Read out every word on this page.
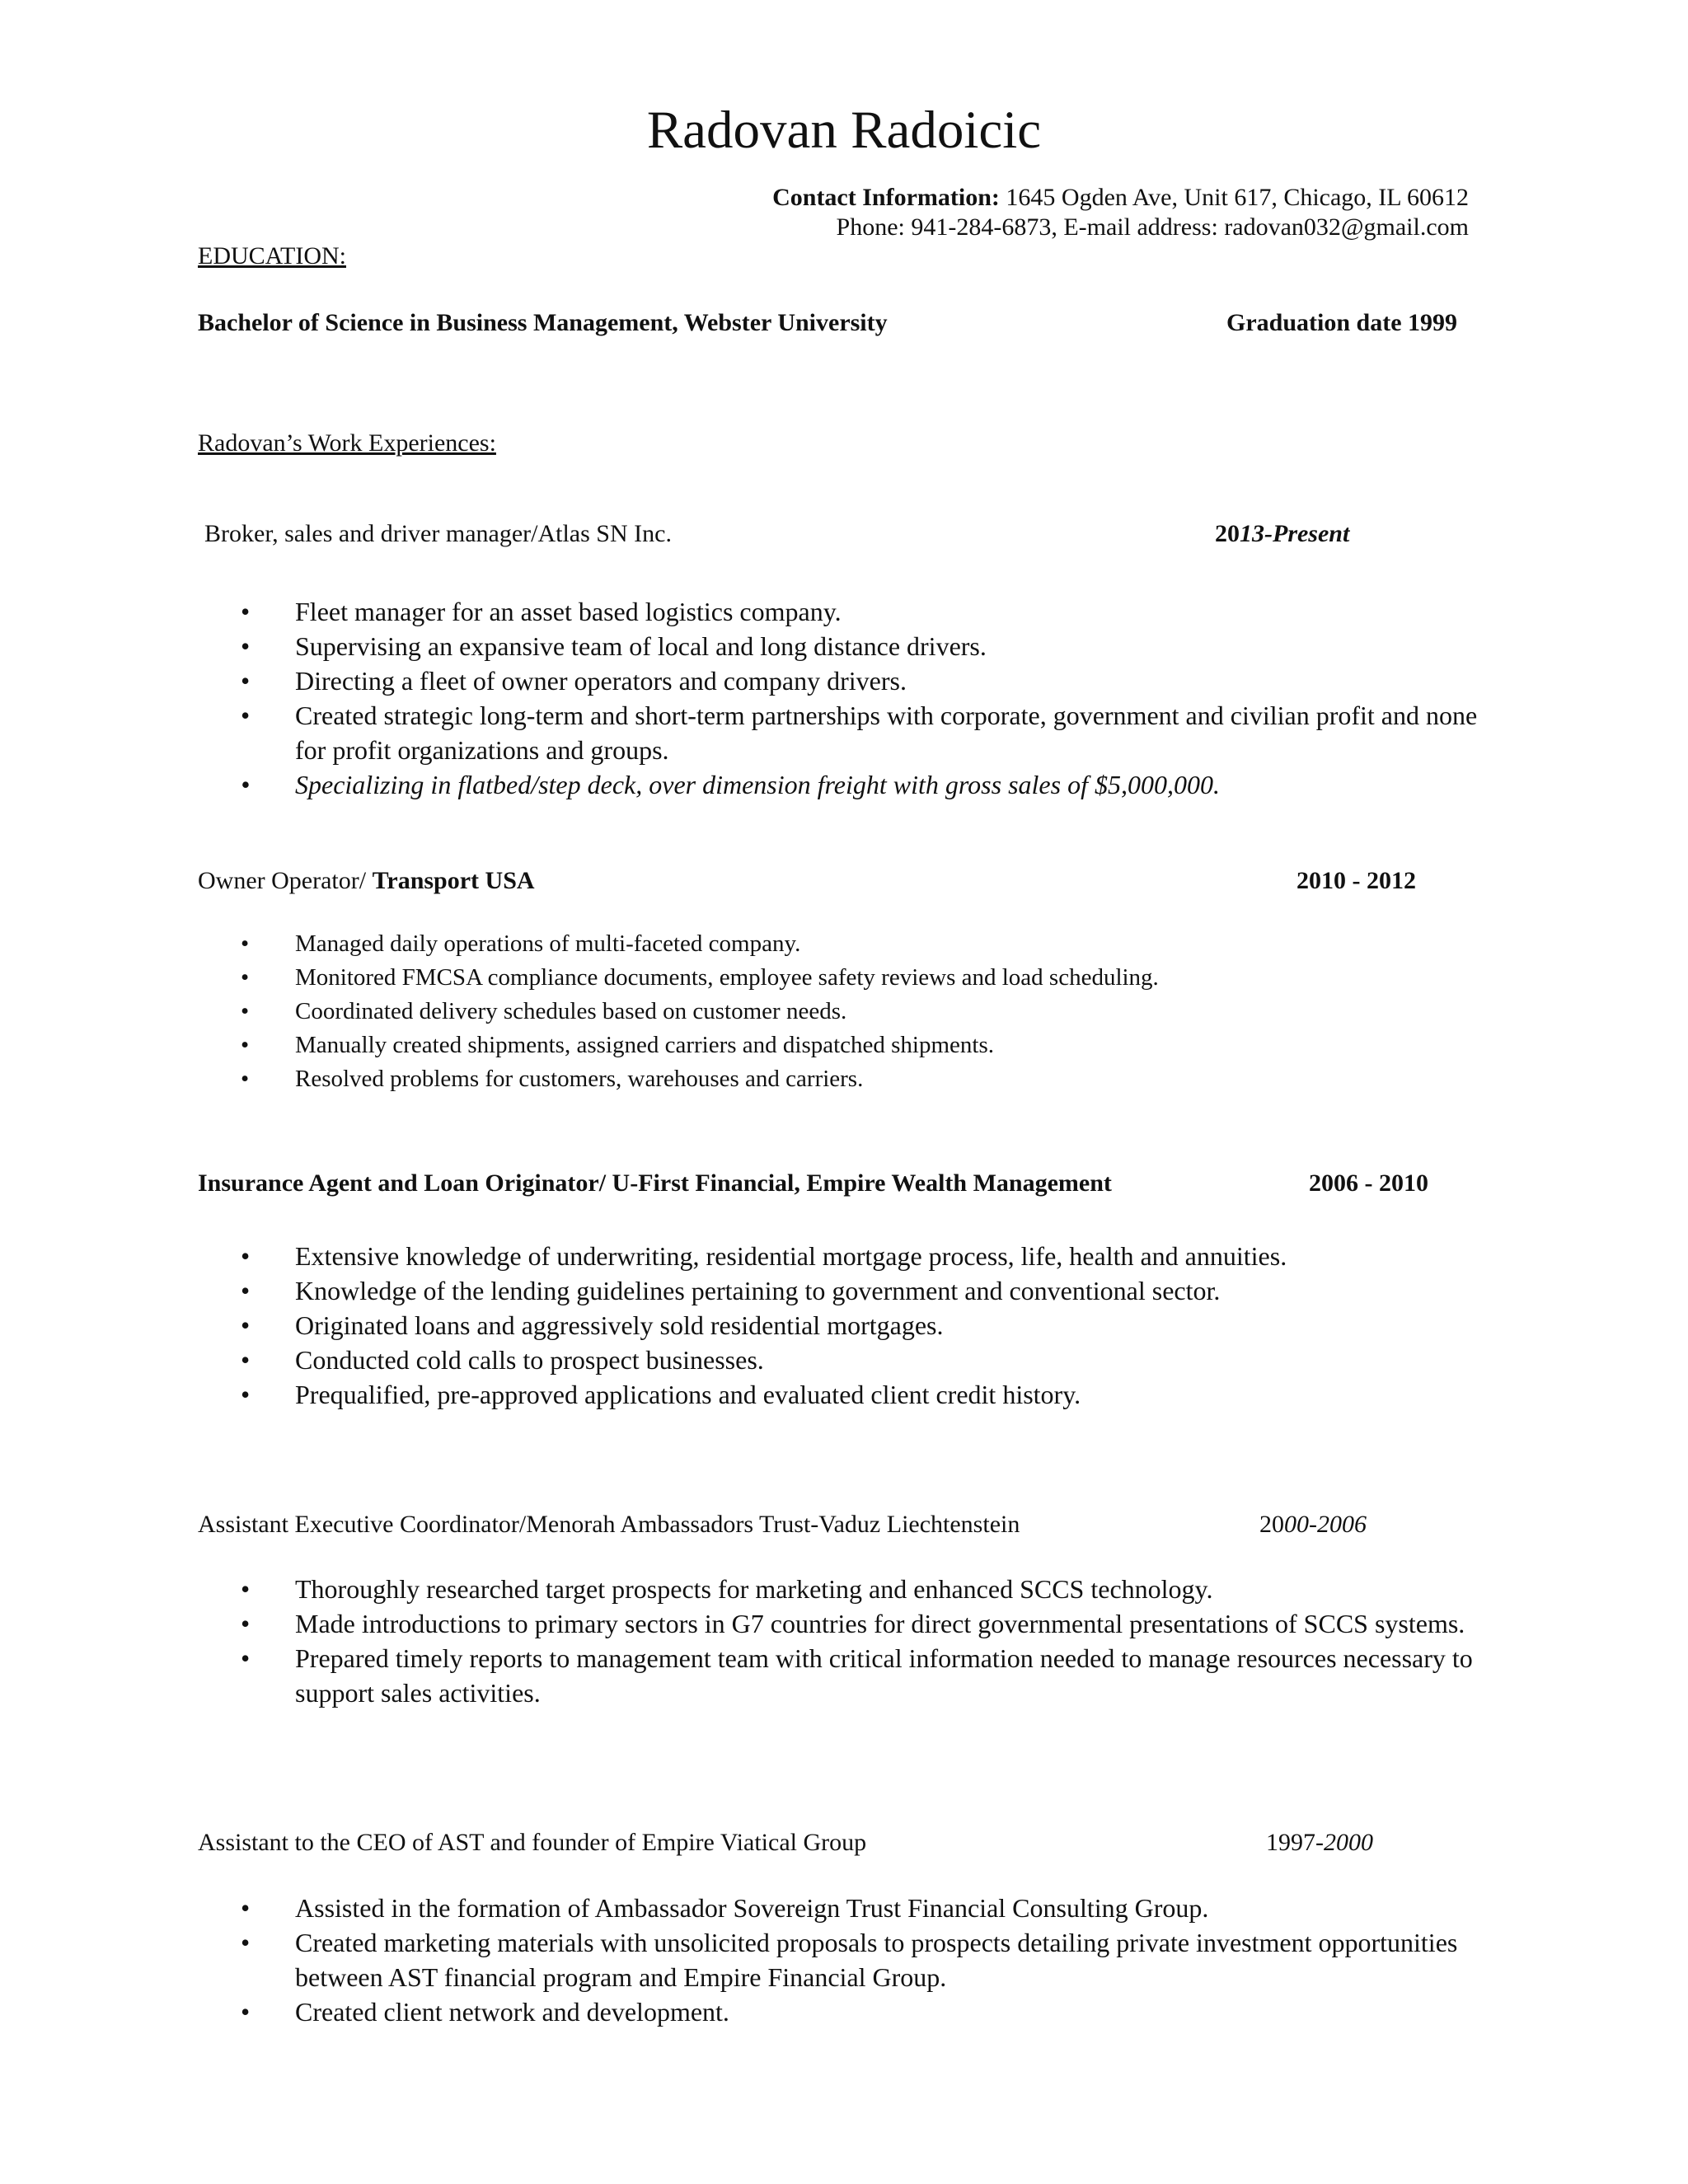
Radovan Radoicic
Contact Information: 1645 Ogden Ave, Unit 617, Chicago, IL 60612
Phone: 941-284-6873, E-mail address: radovan032@gmail.com
EDUCATION:
Bachelor of Science in Business Management, Webster University	Graduation date 1999
Radovan’s Work Experiences:
Broker, sales and driver manager/Atlas SN Inc.	2013-Present
• Fleet manager for an asset based logistics company.
• Supervising an expansive team of local and long distance drivers.
• Directing a fleet of owner operators and company drivers.
• Created strategic long-term and short-term partnerships with corporate, government and civilian profit and none for profit organizations and groups.
• Specializing in flatbed/step deck, over dimension freight with gross sales of $5,000,000.
Owner Operator/ Transport USA	2010 - 2012
• Managed daily operations of multi-faceted company.
• Monitored FMCSA compliance documents, employee safety reviews and load scheduling.
• Coordinated delivery schedules based on customer needs.
• Manually created shipments, assigned carriers and dispatched shipments.
• Resolved problems for customers, warehouses and carriers.
Insurance Agent and Loan Originator/ U-First Financial, Empire Wealth Management	2006 - 2010
• Extensive knowledge of underwriting, residential mortgage process, life, health and annuities.
• Knowledge of the lending guidelines pertaining to government and conventional sector.
• Originated loans and aggressively sold residential mortgages.
• Conducted cold calls to prospect businesses.
• Prequalified, pre-approved applications and evaluated client credit history.
Assistant Executive Coordinator/Menorah Ambassadors Trust-Vaduz Liechtenstein	2000-2006
• Thoroughly researched target prospects for marketing and enhanced SCCS technology.
• Made introductions to primary sectors in G7 countries for direct governmental presentations of SCCS systems.
• Prepared timely reports to management team with critical information needed to manage resources necessary to support sales activities.
Assistant to the CEO of AST and founder of Empire Viatical Group	1997-2000
• Assisted in the formation of Ambassador Sovereign Trust Financial Consulting Group.
• Created marketing materials with unsolicited proposals to prospects detailing private investment opportunities between AST financial program and Empire Financial Group.
• Created client network and development.
